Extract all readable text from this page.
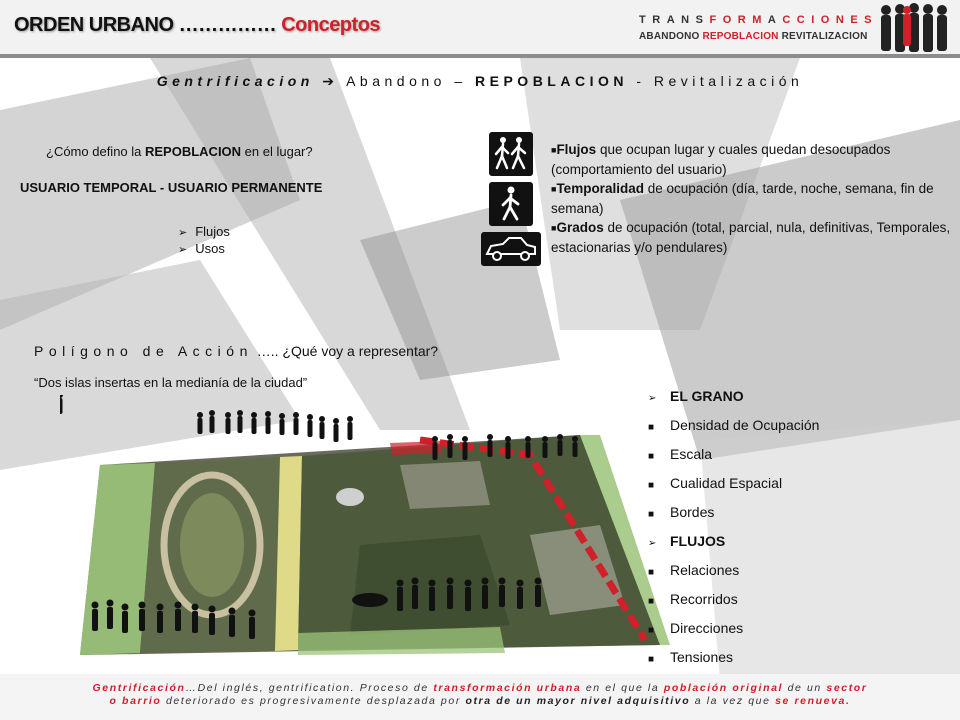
ORDEN URBANO …………… Conceptos	TRANSFORMACCIONES
ABANDONO REPOBLACION REVITALIZACION
Gentrificacion ➔ Abandono – REPOBLACION - Revitalización
¿Cómo defino la REPOBLACION en el lugar?
USUARIO TEMPORAL - USUARIO PERMANENTE
➢ Flujos
➢ Usos
■Flujos que ocupan lugar y cuales quedan desocupados (comportamiento del usuario)
■Temporalidad de ocupación (día, tarde, noche, semana, fin de semana)
■Grados de ocupación (total, parcial, nula, definitivas, Temporales, estacionarias y/o pendulares)
Polígono de Acción ….. ¿Qué voy a representar?
“Dos islas insertas en la medianía de la ciudad”
➢ EL GRANO
■ Densidad de Ocupación
■ Escala
■ Cualidad Espacial
■ Bordes
➢ FLUJOS
■ Relaciones
■ Recorridos
■ Direcciones
■ Tensiones
Gentrificación…Del inglés, gentrification. Proceso de transformación urbana en el que la población original de un sector
o barrio deteriorado es progresivamente desplazada por otra de un mayor nivel adquisitivo a la vez que se renueva.
